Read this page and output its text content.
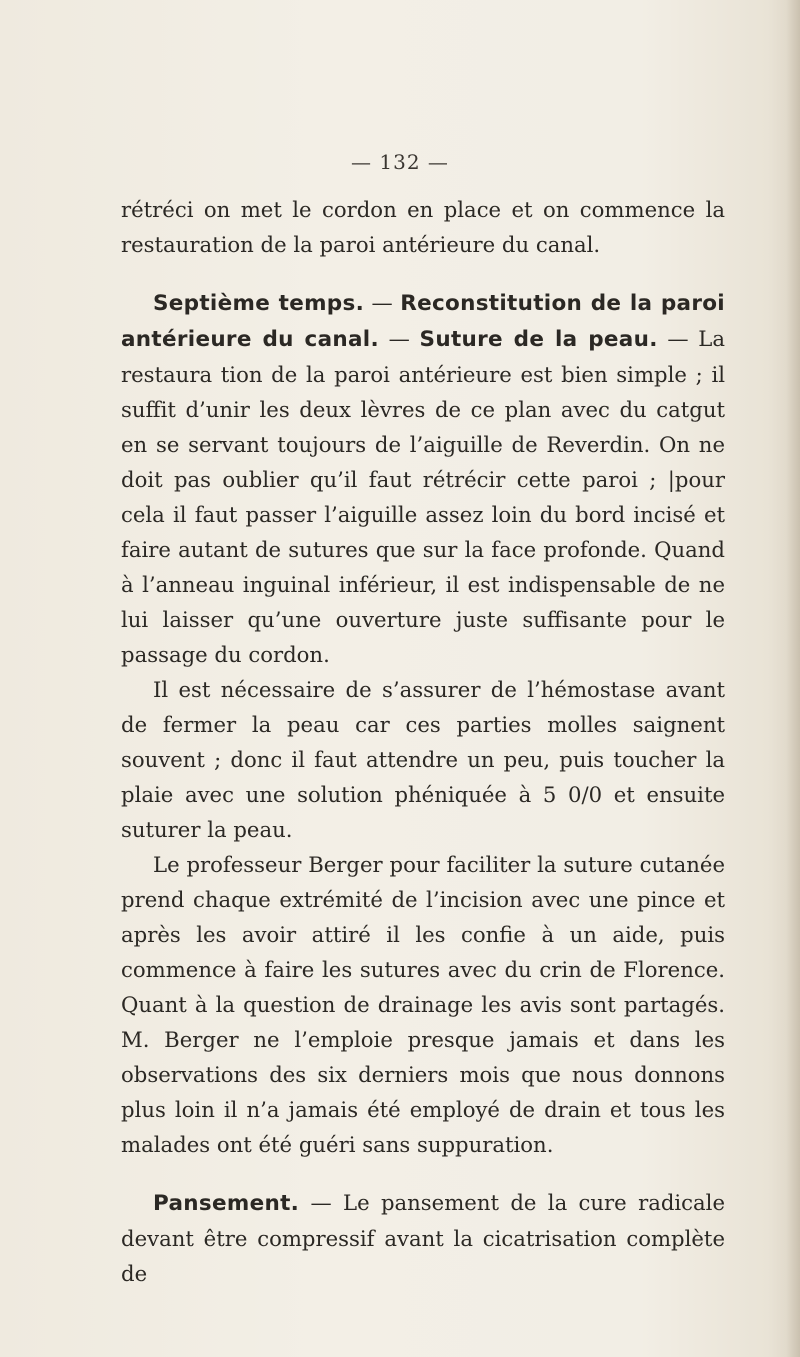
— 132 —

rétréci on met le cordon en place et on commence la restauration de la paroi antérieure du canal.

Septième temps. — Reconstitution de la paroi antérieure du canal. — Suture de la peau. — La restaura tion de la paroi antérieure est bien simple ; il suffit d’unir les deux lèvres de ce plan avec du catgut en se servant toujours de l’aiguille de Reverdin. On ne doit pas oublier qu’il faut rétrécir cette paroi ; |pour cela il faut passer l’aiguille assez loin du bord incisé et faire autant de sutures que sur la face profonde. Quand à l’anneau inguinal inférieur, il est indispensable de ne lui laisser qu’une ouverture juste suffisante pour le passage du cordon.

Il est nécessaire de s’assurer de l’hémostase avant de fermer la peau car ces parties molles saignent souvent ; donc il faut attendre un peu, puis toucher la plaie avec une solution phéniquée à 5 0/0 et ensuite suturer la peau.

Le professeur Berger pour faciliter la suture cutanée prend chaque extrémité de l’incision avec une pince et après les avoir attiré il les confie à un aide, puis commence à faire les sutures avec du crin de Florence. Quant à la question de drainage les avis sont partagés. M. Berger ne l’emploie presque jamais et dans les observations des six derniers mois que nous donnons plus loin il n’a jamais été employé de drain et tous les malades ont été guéri sans suppuration.

Pansement. — Le pansement de la cure radicale devant être compressif avant la cicatrisation complète de
